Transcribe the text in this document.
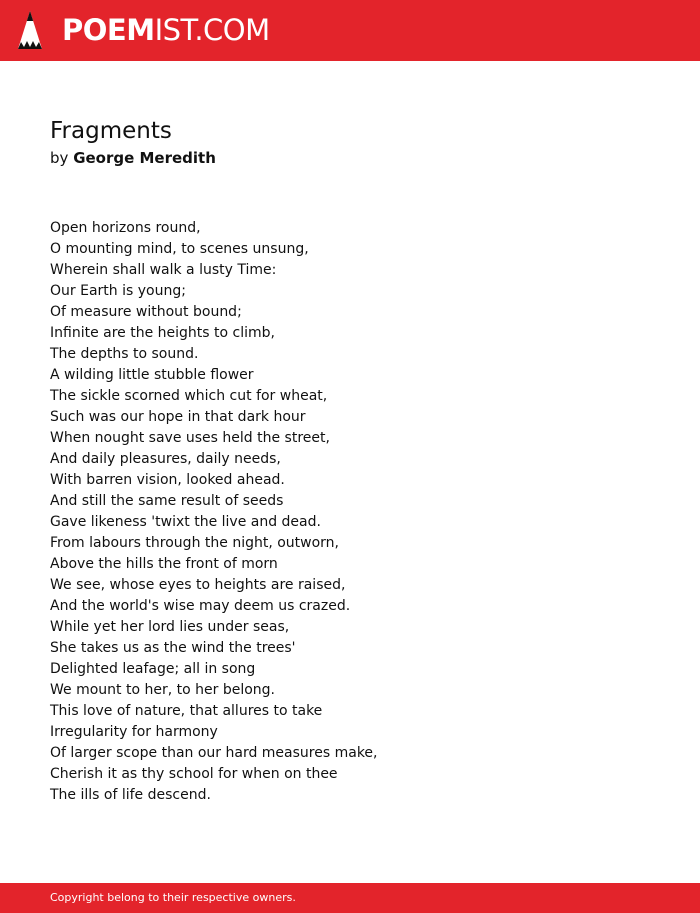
POEMIST.COM
Fragments
by George Meredith
Open horizons round,
O mounting mind, to scenes unsung,
Wherein shall walk a lusty Time:
Our Earth is young;
Of measure without bound;
Infinite are the heights to climb,
The depths to sound.
A wilding little stubble flower
The sickle scorned which cut for wheat,
Such was our hope in that dark hour
When nought save uses held the street,
And daily pleasures, daily needs,
With barren vision, looked ahead.
And still the same result of seeds
Gave likeness 'twixt the live and dead.
From labours through the night, outworn,
Above the hills the front of morn
We see, whose eyes to heights are raised,
And the world's wise may deem us crazed.
While yet her lord lies under seas,
She takes us as the wind the trees'
Delighted leafage; all in song
We mount to her, to her belong.
This love of nature, that allures to take
Irregularity for harmony
Of larger scope than our hard measures make,
Cherish it as thy school for when on thee
The ills of life descend.
Copyright belong to their respective owners.
